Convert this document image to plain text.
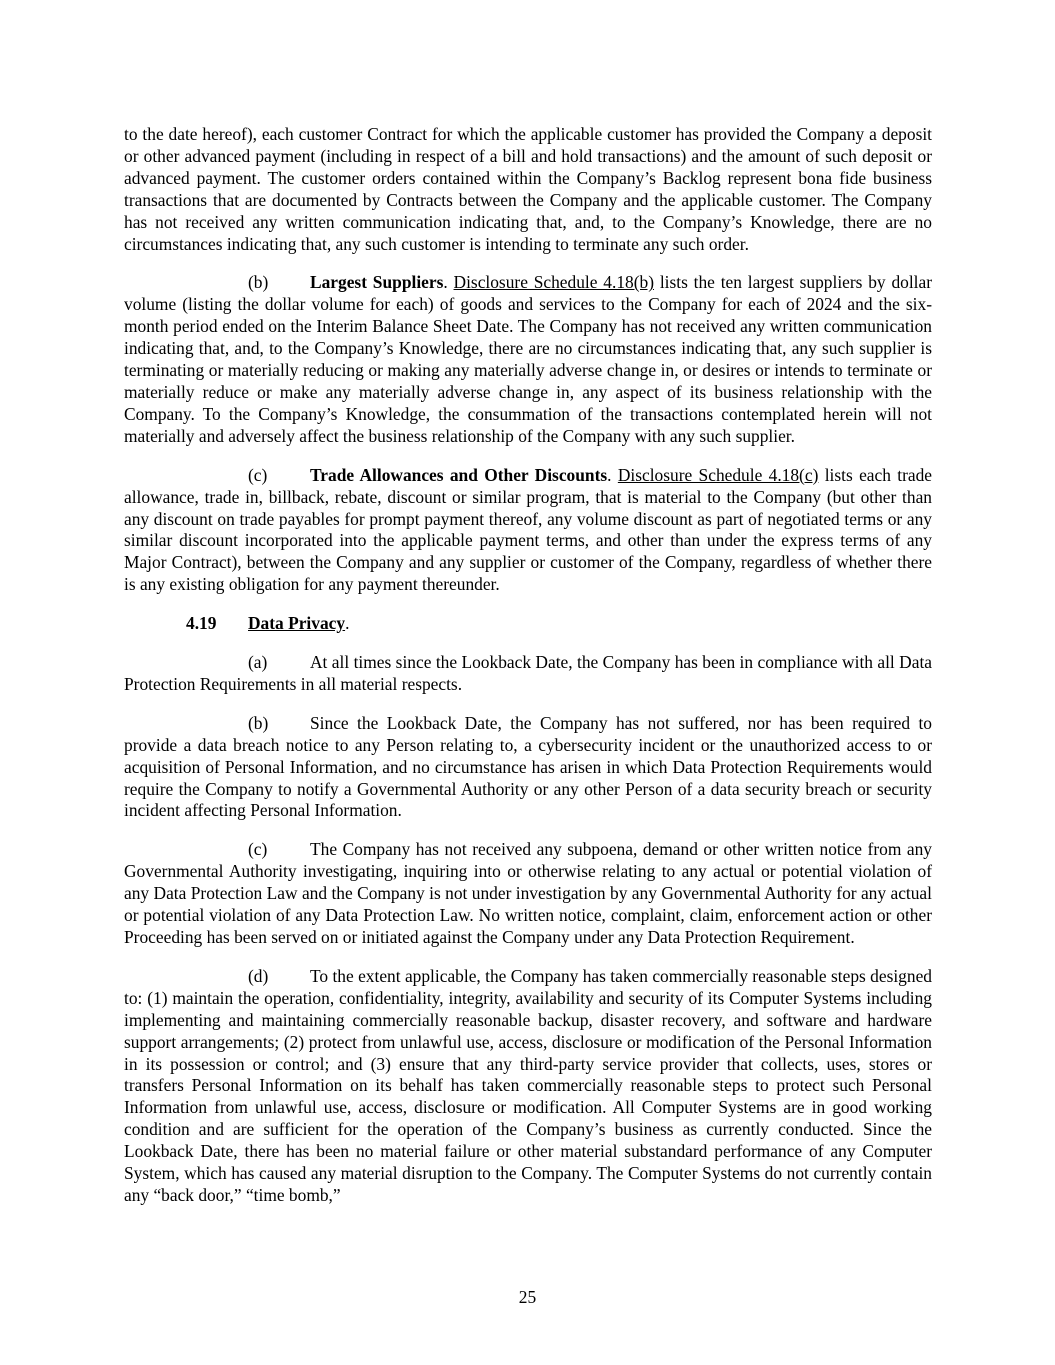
to the date hereof), each customer Contract for which the applicable customer has provided the Company a deposit or other advanced payment (including in respect of a bill and hold transactions) and the amount of such deposit or advanced payment. The customer orders contained within the Company’s Backlog represent bona fide business transactions that are documented by Contracts between the Company and the applicable customer. The Company has not received any written communication indicating that, and, to the Company’s Knowledge, there are no circumstances indicating that, any such customer is intending to terminate any such order.

(b) Largest Suppliers. Disclosure Schedule 4.18(b) lists the ten largest suppliers by dollar volume (listing the dollar volume for each) of goods and services to the Company for each of 2024 and the six-month period ended on the Interim Balance Sheet Date. The Company has not received any written communication indicating that, and, to the Company’s Knowledge, there are no circumstances indicating that, any such supplier is terminating or materially reducing or making any materially adverse change in, or desires or intends to terminate or materially reduce or make any materially adverse change in, any aspect of its business relationship with the Company. To the Company’s Knowledge, the consummation of the transactions contemplated herein will not materially and adversely affect the business relationship of the Company with any such supplier.

(c) Trade Allowances and Other Discounts. Disclosure Schedule 4.18(c) lists each trade allowance, trade in, billback, rebate, discount or similar program, that is material to the Company (but other than any discount on trade payables for prompt payment thereof, any volume discount as part of negotiated terms or any similar discount incorporated into the applicable payment terms, and other than under the express terms of any Major Contract), between the Company and any supplier or customer of the Company, regardless of whether there is any existing obligation for any payment thereunder.

4.19 Data Privacy.

(a) At all times since the Lookback Date, the Company has been in compliance with all Data Protection Requirements in all material respects.

(b) Since the Lookback Date, the Company has not suffered, nor has been required to provide a data breach notice to any Person relating to, a cybersecurity incident or the unauthorized access to or acquisition of Personal Information, and no circumstance has arisen in which Data Protection Requirements would require the Company to notify a Governmental Authority or any other Person of a data security breach or security incident affecting Personal Information.

(c) The Company has not received any subpoena, demand or other written notice from any Governmental Authority investigating, inquiring into or otherwise relating to any actual or potential violation of any Data Protection Law and the Company is not under investigation by any Governmental Authority for any actual or potential violation of any Data Protection Law. No written notice, complaint, claim, enforcement action or other Proceeding has been served on or initiated against the Company under any Data Protection Requirement.

(d) To the extent applicable, the Company has taken commercially reasonable steps designed to: (1) maintain the operation, confidentiality, integrity, availability and security of its Computer Systems including implementing and maintaining commercially reasonable backup, disaster recovery, and software and hardware support arrangements; (2) protect from unlawful use, access, disclosure or modification of the Personal Information in its possession or control; and (3) ensure that any third-party service provider that collects, uses, stores or transfers Personal Information on its behalf has taken commercially reasonable steps to protect such Personal Information from unlawful use, access, disclosure or modification. All Computer Systems are in good working condition and are sufficient for the operation of the Company’s business as currently conducted. Since the Lookback Date, there has been no material failure or other material substandard performance of any Computer System, which has caused any material disruption to the Company. The Computer Systems do not currently contain any “back door,” “time bomb,”

25
